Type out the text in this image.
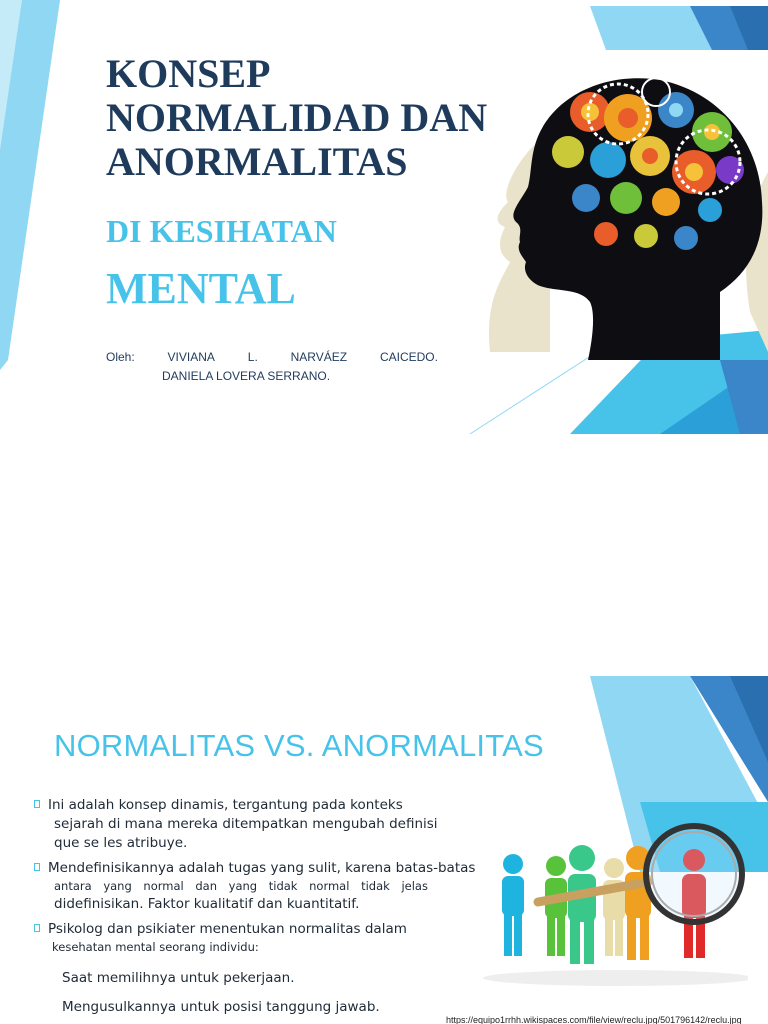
KONSEP
NORMALIDAD DAN
ANORMALITAS
DI KESIHATAN
MENTAL
Oleh:	VIVIANA	L.	NARVÁEZ	CAICEDO.
DANIELA LOVERA SERRANO.
NORMALITAS VS. ANORMALITAS
Ini adalah konsep dinamis, tergantung pada konteks

sejarah di mana mereka ditempatkan mengubah definisi
que se les atribuye.
Mendefinisikannya adalah tugas yang sulit, karena batas-batas
antara yang normal dan yang tidak normal tidak jelas
didefinisikan. Faktor kualitatif dan kuantitatif.
Psikolog dan psikiater menentukan normalitas dalam
kesehatan mental seorang individu:
Saat memilihnya untuk pekerjaan.
Mengusulkannya untuk posisi tanggung jawab.
https://equipo1rrhh.wikispaces.com/file/view/reclu.jpg/501796142/reclu.jpg
